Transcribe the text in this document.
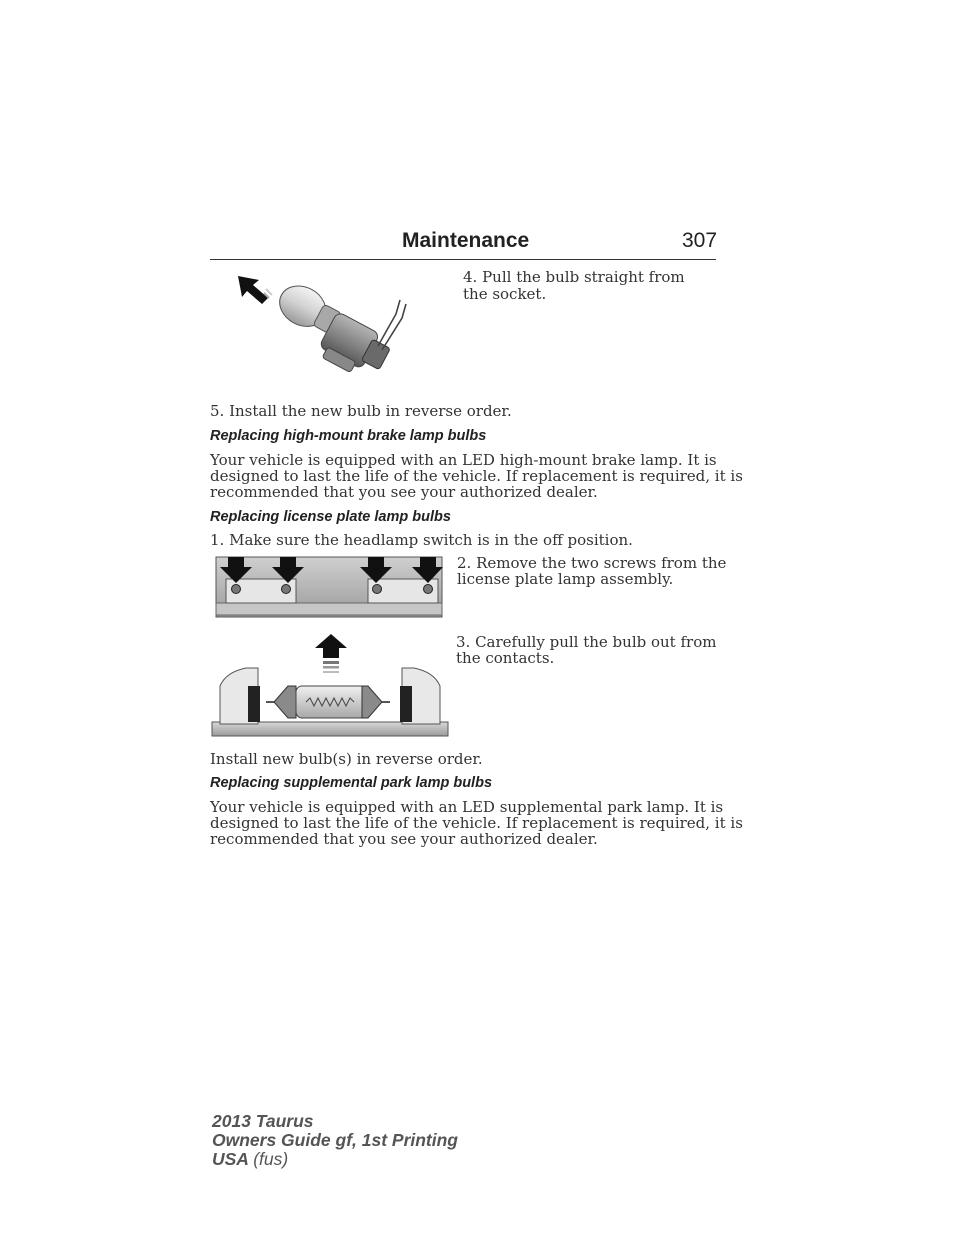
Maintenance	307
4. Pull the bulb straight from the socket.
5. Install the new bulb in reverse order.
Replacing high-mount brake lamp bulbs
Your vehicle is equipped with an LED high-mount brake lamp. It is
designed to last the life of the vehicle. If replacement is required, it is
recommended that you see your authorized dealer.
Replacing license plate lamp bulbs
1. Make sure the headlamp switch is in the off position.
2. Remove the two screws from the
license plate lamp assembly.
3. Carefully pull the bulb out from
the contacts.
Install new bulb(s) in reverse order.
Replacing supplemental park lamp bulbs
Your vehicle is equipped with an LED supplemental park lamp. It is
designed to last the life of the vehicle. If replacement is required, it is
recommended that you see your authorized dealer.
2013 Taurus
Owners Guide gf, 1st Printing
USA (fus)
